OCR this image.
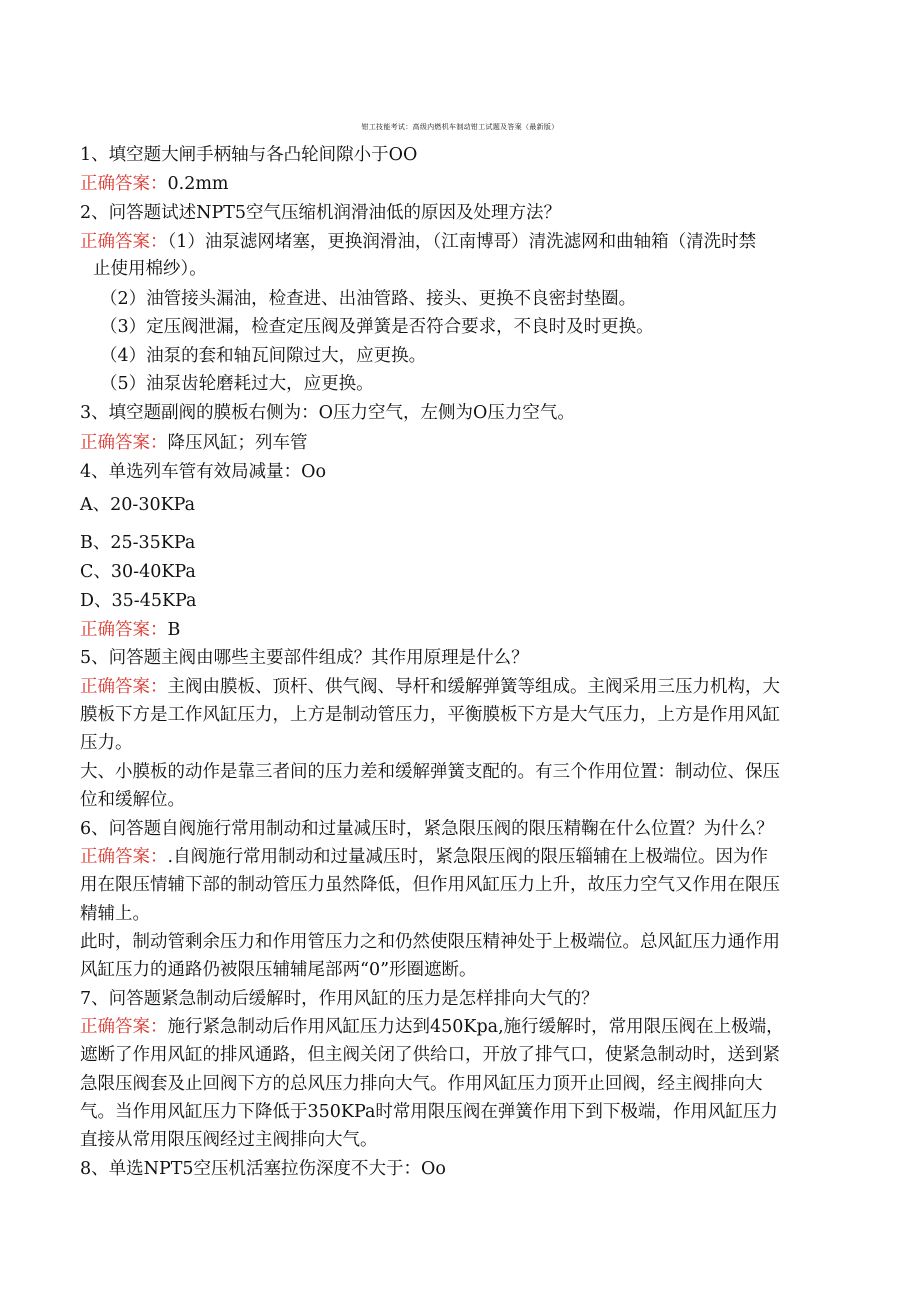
钳工技能考试：高级内燃机车制动钳工试题及答案（最新版）
1、填空题大闸手柄轴与各凸轮间隙小于OO
正确答案：0.2mm
2、问答题试述NPT5空气压缩机润滑油低的原因及处理方法？
正确答案：（1）油泵滤网堵塞，更换润滑油，（江南博哥）清洗滤网和曲轴箱（清洗时禁
止使用棉纱）。
（2）油管接头漏油，检查进、出油管路、接头、更换不良密封垫圈。
（3）定压阀泄漏，检查定压阀及弹簧是否符合要求，不良时及时更换。
（4）油泵的套和轴瓦间隙过大，应更换。
（5）油泵齿轮磨耗过大，应更换。
3、填空题副阀的膜板右侧为：O压力空气，左侧为O压力空气。
正确答案：降压风缸；列车管
4、单选列车管有效局减量：Oo
A、20-30KPa
B、25-35KPa
C、30-40KPa
D、35-45KPa
正确答案：B
5、问答题主阀由哪些主要部件组成？其作用原理是什么？
正确答案：主阀由膜板、顶杆、供气阀、导杆和缓解弹簧等组成。主阀采用三压力机构，大
膜板下方是工作风缸压力，上方是制动管压力，平衡膜板下方是大气压力，上方是作用风缸
压力。
大、小膜板的动作是靠三者间的压力差和缓解弹簧支配的。有三个作用位置：制动位、保压
位和缓解位。
6、问答题自阀施行常用制动和过量减压时，紧急限压阀的限压精鞠在什么位置？为什么？
正确答案：.自阀施行常用制动和过量减压时，紧急限压阀的限压辎辅在上极端位。因为作
用在限压情辅下部的制动管压力虽然降低，但作用风缸压力上升，故压力空气又作用在限压
精辅上。
此时，制动管剩余压力和作用管压力之和仍然使限压精神处于上极端位。总风缸压力通作用
风缸压力的通路仍被限压辅辅尾部两“0”形圈遮断。
7、问答题紧急制动后缓解时，作用风缸的压力是怎样排向大气的？
正确答案：施行紧急制动后作用风缸压力达到450Kpa,施行缓解时，常用限压阀在上极端，
遮断了作用风缸的排风通路，但主阀关闭了供给口，开放了排气口，使紧急制动时，送到紧
急限压阀套及止回阀下方的总风压力排向大气。作用风缸压力顶开止回阀，经主阀排向大
气。当作用风缸压力下降低于350KPa时常用限压阀在弹簧作用下到下极端，作用风缸压力
直接从常用限压阀经过主阀排向大气。
8、单选NPT5空压机活塞拉伤深度不大于：Oo
